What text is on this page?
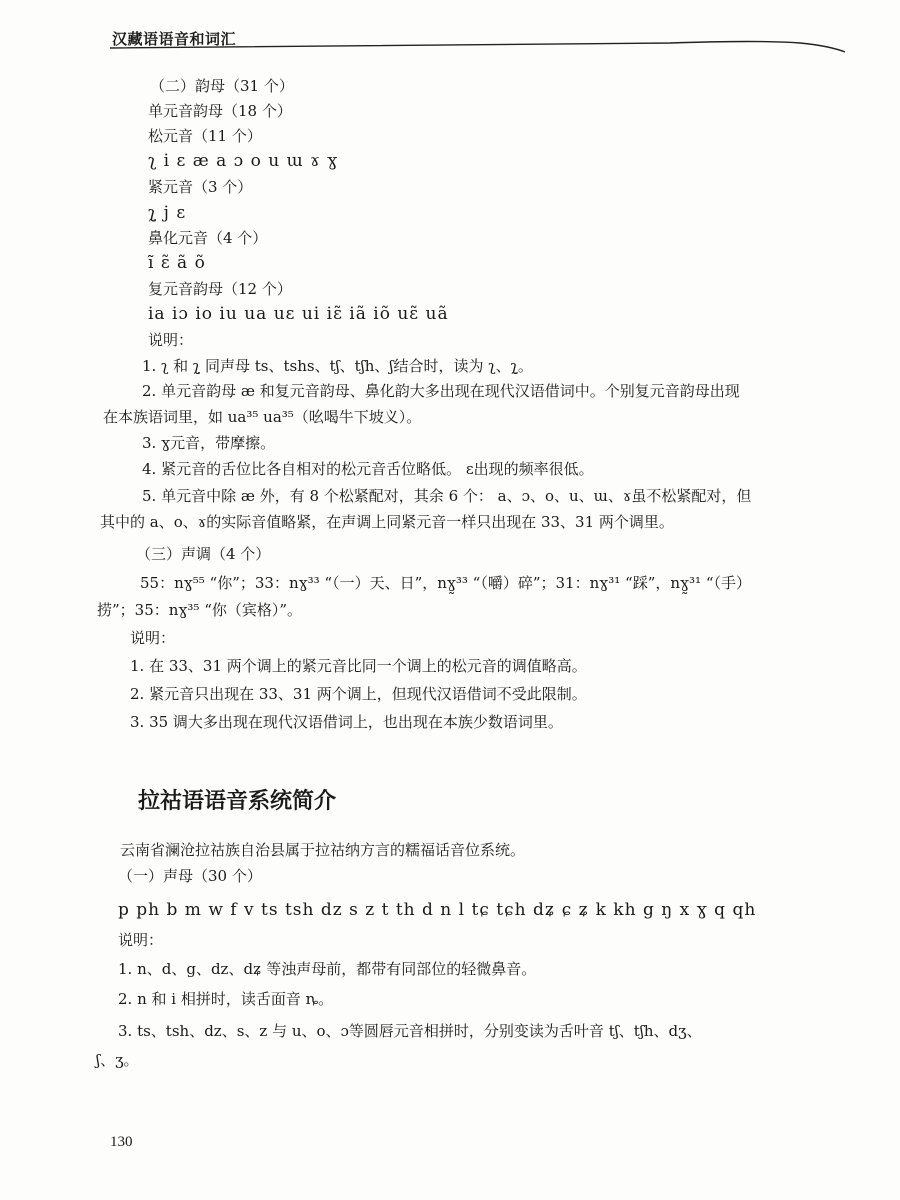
汉藏语语音和词汇
（二）韵母（31 个）
单元音韵母（18 个）
松元音（11 个）
ʅ i ɛ æ a ɔ o u ɯ ɤ ɣ
紧元音（3 个）
ʅ̰ j ɛ
鼻化元音（4 个）
ĩ ɛ̃ ã õ
复元音韵母（12 个）
ia iɔ io iu ua uɛ ui iɛ̃ iã iõ uɛ̃ uã
说明：
1. ʅ 和 ʅ̰ 同声母 ts、tshs、tʃ、tʃh、ʃ结合时，读为 ʅ、ʅ̰。
2. 单元音韵母 æ 和复元音韵母、鼻化韵大多出现在现代汉语借词中。个别复元音韵母出现
在本族语词里，如 ua³⁵ ua³⁵（吆喝牛下坡义）。
3. ɣ元音，带摩擦。
4. 紧元音的舌位比各自相对的松元音舌位略低。 ɛ出现的频率很低。
5. 单元音中除 æ 外，有 8 个松紧配对，其余 6 个： a、ɔ、o、u、ɯ、ɤ虽不松紧配对，但
其中的 a、o、ɤ的实际音值略紧，在声调上同紧元音一样只出现在 33、31 两个调里。
（三）声调（4 个）
55：nɣ⁵⁵ “你”；33：nɣ³³ “（一）天、日”，nɣ̰³³ “（嚼）碎”；31：nɣ³¹ “踩”，nɣ̰³¹ “（手）
捞”；35：nɣ³⁵ “你（宾格）”。
说明：
1. 在 33、31 两个调上的紧元音比同一个调上的松元音的调值略高。
2. 紧元音只出现在 33、31 两个调上，但现代汉语借词不受此限制。
3. 35 调大多出现在现代汉语借词上，也出现在本族少数语词里。
拉祜语语音系统简介
云南省澜沧拉祜族自治县属于拉祜纳方言的糯福话音位系统。
（一）声母（30 个）
p ph b m w f v ts tsh dz s z t th d n l tɕ tɕh dʑ ɕ ʑ k kh g ŋ x ɣ q qh
说明：
1. n、d、g、dz、dʑ 等浊声母前，都带有同部位的轻微鼻音。
2. n 和 i 相拼时，读舌面音 ȵ。
3. ts、tsh、dz、s、z 与 u、o、ɔ等圆唇元音相拼时，分别变读为舌叶音 tʃ、tʃh、dʒ、
ʃ、ʒ。
130
